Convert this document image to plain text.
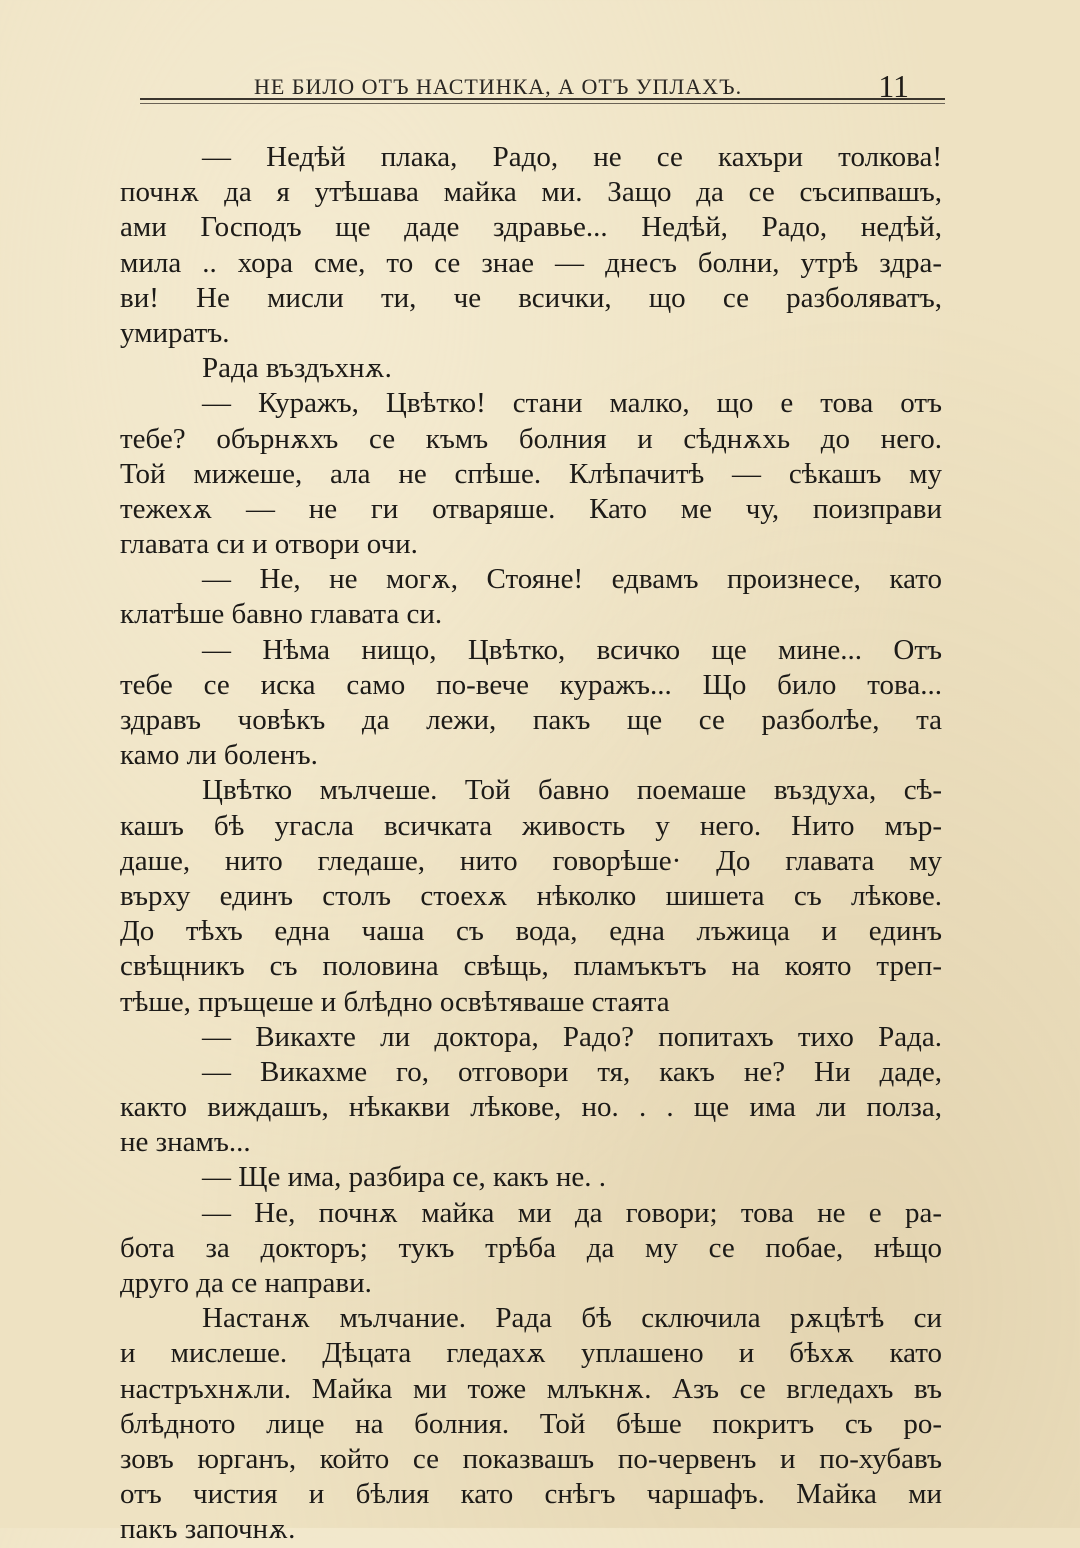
НЕ БИЛО ОТЪ НАСТИНКА, А ОТЪ УПЛАХЪ.	11
— Недѣй плака, Радо, не се кахъри толкова!
почнѫ да я утѣшава майка ми. Защо да се съсипвашъ,
ами Господъ ще даде здравье... Недѣй, Радо, недѣй,
мила .. хора сме, то се знае — днесъ болни, утрѣ здра-
ви! Не мисли ти, че всички, що се разболяватъ,
умиратъ.
Рада въздъхнѫ.
— Куражъ, Цвѣтко! стани малко, що е това отъ
тебе? обърнѫхъ се къмъ болния и сѣднѫхь до него.
Той мижеше, ала не спѣше. Клѣпачитѣ — сѣкашъ му
тежехѫ — не ги отваряше. Като ме чу, поизправи
главата си и отвори очи.
— Не, не могѫ, Стояне! едвамъ произнесе, като
клатѣше бавно главата си.
— Нѣма нищо, Цвѣтко, всичко ще мине... Отъ
тебе се иска само по-вече куражъ... Що било това...
здравъ човѣкъ да лежи, пакъ ще се разболѣе, та
камо ли боленъ.
Цвѣтко мълчеше. Той бавно поемаше въздуха, сѣ-
кашъ бѣ угасла всичката живость у него. Нито мър-
даше, нито гледаше, нито говорѣше· До главата му
върху единъ столъ стоехѫ нѣколко шишета съ лѣкове.
До тѣхъ една чаша съ вода, една лъжица и единъ
свѣщникъ съ половина свѣщь, пламъкътъ на която треп-
тѣше, пръщеше и блѣдно освѣтяваше стаята
— Викахте ли доктора, Радо? попитахъ тихо Рада.
— Викахме го, отговори тя, какъ не? Ни даде,
както виждашъ, нѣкакви лѣкове, но. . . ще има ли полза,
не знамъ...
— Ще има, разбира се, какъ не. .
— Не, почнѫ майка ми да говори; това не е ра-
бота за докторъ; тукъ трѣба да му се побае, нѣщо
друго да се направи.
Настанѫ мълчание. Рада бѣ сключила рѫцѣтѣ си
и мислеше. Дѣцата гледахѫ уплашено и бѣхѫ като
настръхнѫли. Майка ми тоже млъкнѫ. Азъ се вгледахъ въ
блѣдното лице на болния. Той бѣше покритъ съ ро-
зовъ юрганъ, който се показвашъ по-червенъ и по-хубавъ
отъ чистия и бѣлия като снѣгъ чаршафъ. Майка ми
пакъ започнѫ.
